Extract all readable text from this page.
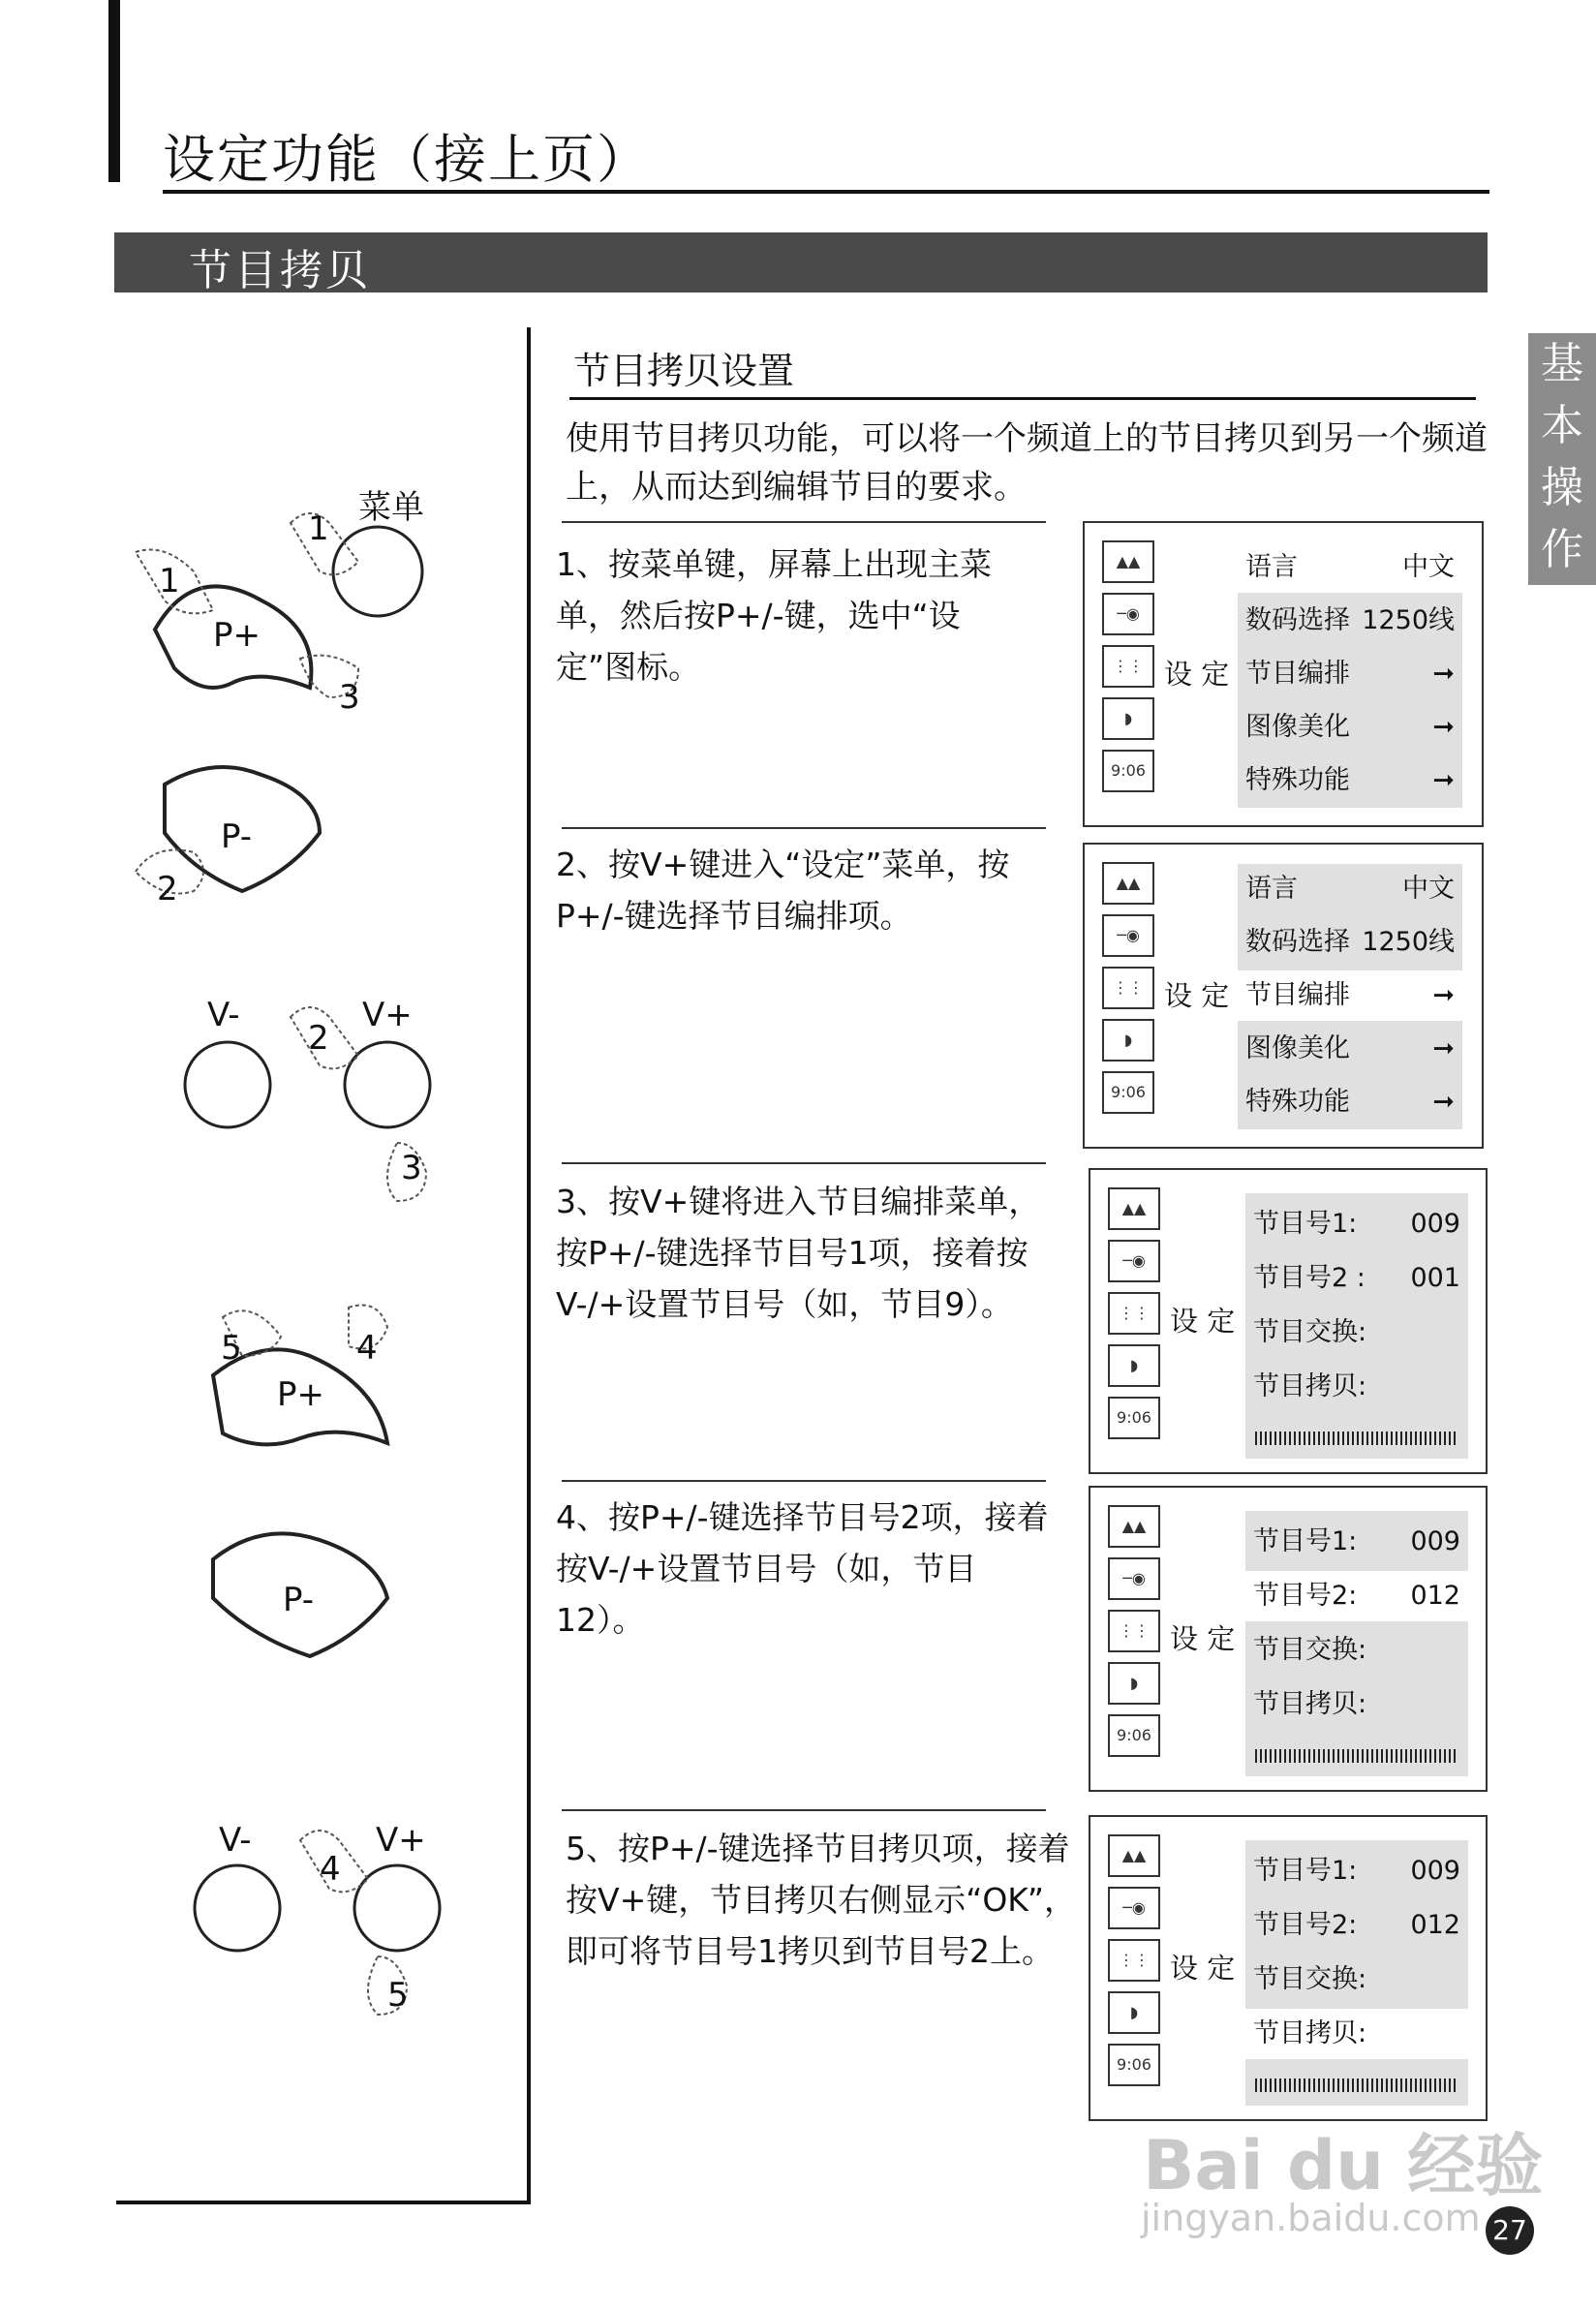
设定功能（接上页）
节目拷贝
基
本
操
作
菜单
1
1
P+
3
P-
2
V-	V+
2
3
5	4
P+
P-
V-	V+
4
5
节目拷贝设置
使用节目拷贝功能，可以将一个频道上的节目拷贝到另一个频道上，从而达到编辑节目的要求。
1、按菜单键，屏幕上出现主菜单，然后按P+/-键，选中“设定”图标。
2、按V+键进入“设定”菜单，按P+/-键选择节目编排项。
3、按V+键将进入节目编排菜单，按P+/-键选择节目号1项，接着按V-/+设置节目号（如，节目9）。
4、按P+/-键选择节目号2项，接着按V-/+设置节目号（如，节目12）。
5、按P+/-键选择节目拷贝项，接着按V+键，节目拷贝右侧显示“OK”，即可将节目号1拷贝到节目号2上。
▲▲
─◉
⋮⋮
◗
9:06
设 定
语言	中文
数码选择 1250线
节目编排	➞
图像美化	➞
特殊功能	➞
▲▲
─◉
⋮⋮
◗
9:06
设 定
语言	中文
数码选择 1250线
节目编排	➞
图像美化	➞
特殊功能	➞
▲▲
─◉
⋮⋮
◗
9:06
设 定
节目号1: 009
节目号2 : 001
节目交换:
节目拷贝:
▲▲
─◉
⋮⋮
◗
9:06
设 定
节目号1: 009
节目号2: 012
节目交换:
节目拷贝:
▲▲
─◉
⋮⋮
◗
9:06
设 定
节目号1: 009
节目号2: 012
节目交换:
节目拷贝:
Bai du 经验
jingyan.baidu.com 27
